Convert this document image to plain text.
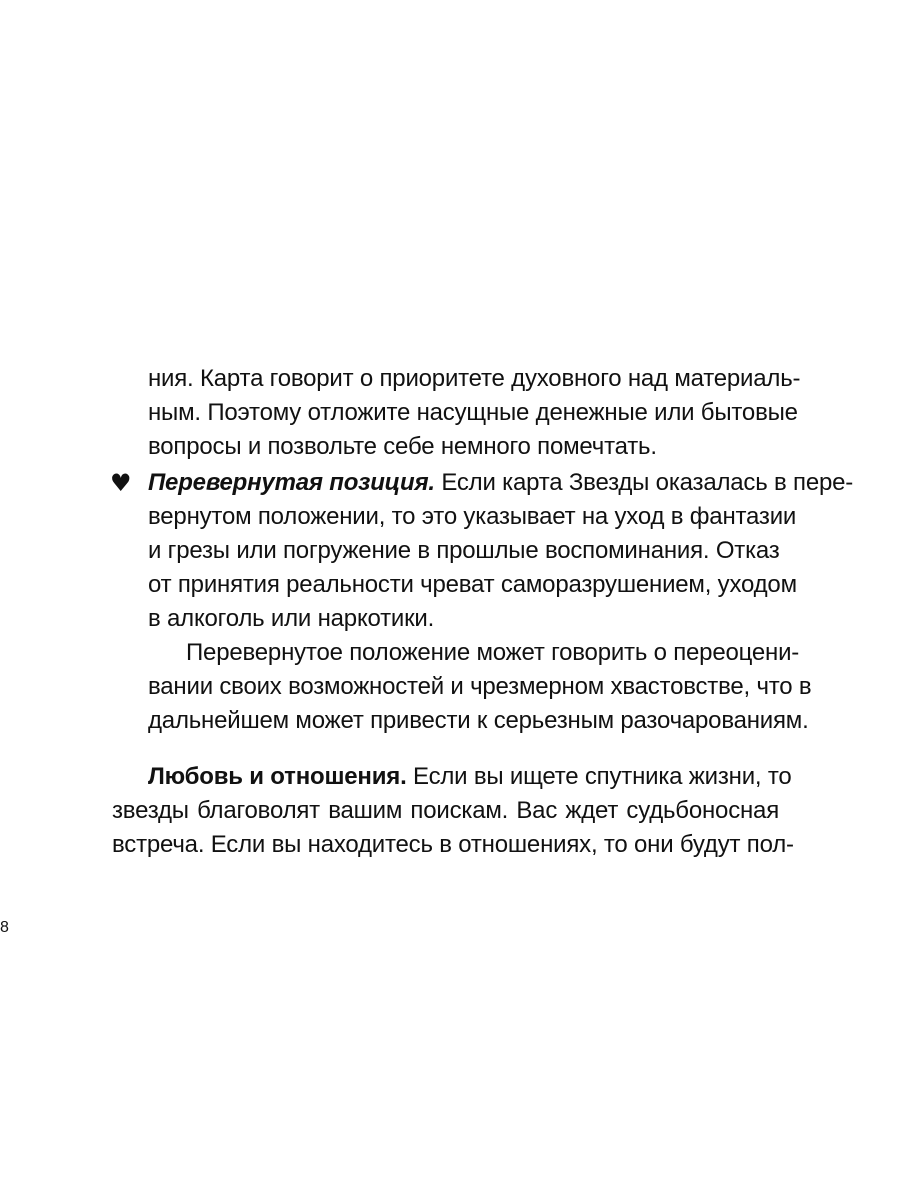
ния. Карта говорит о приоритете духовного над материаль-
ным. Поэтому отложите насущные денежные или бытовые
вопросы и позвольте себе немного помечтать.
♥ Перевернутая позиция. Если карта Звезды оказалась в пере-
вернутом положении, то это указывает на уход в фантазии
и грезы или погружение в прошлые воспоминания. Отказ
от принятия реальности чреват саморазрушением, уходом
в алкоголь или наркотики.
Перевернутое положение может говорить о переоцени-
вании своих возможностей и чрезмерном хвастовстве, что в
дальнейшем может привести к серьезным разочарованиям.
Любовь и отношения. Если вы ищете спутника жизни, то
звезды благоволят вашим поискам. Вас ждет судьбоносная
встреча. Если вы находитесь в отношениях, то они будут пол-
8
